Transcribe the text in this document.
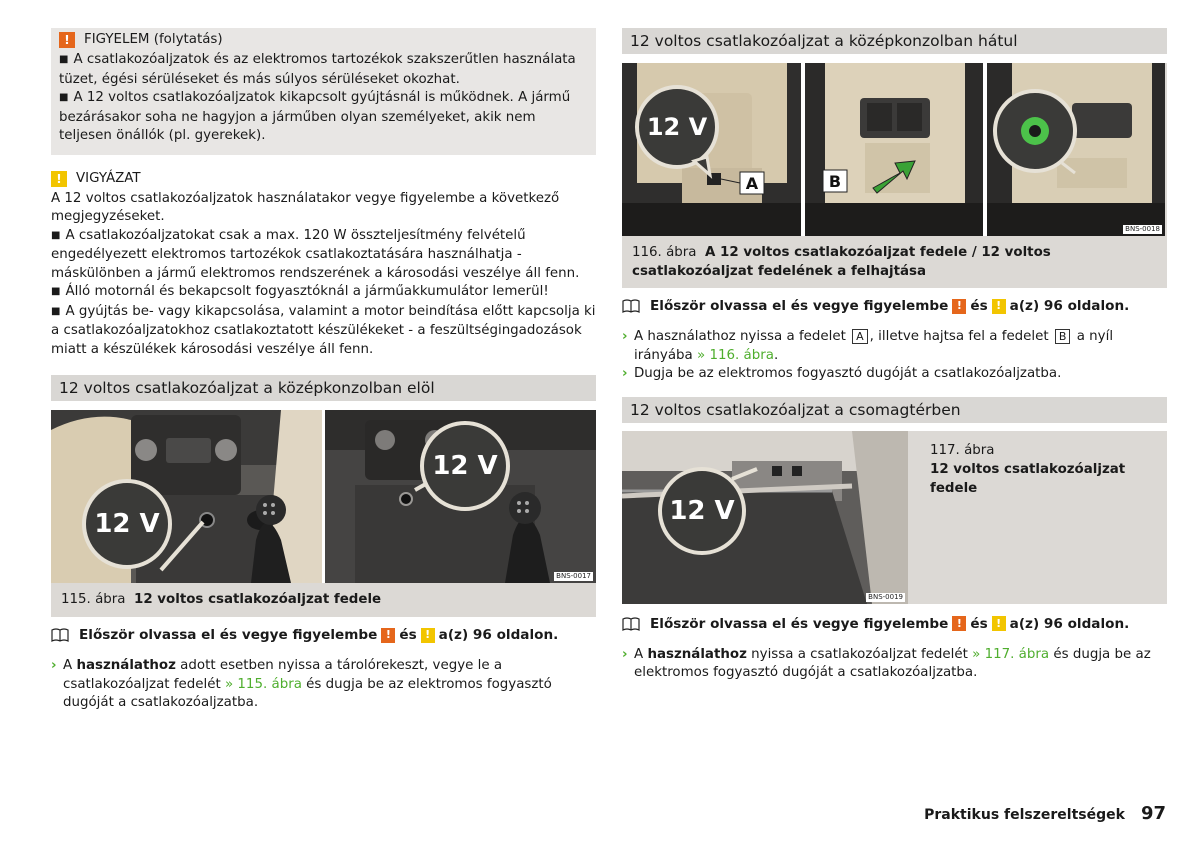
!	FIGYELEM (folytatás)
■ A csatlakozóaljzatok és az elektromos tartozékok szakszerűtlen használata tüzet, égési sérüléseket és más súlyos sérüléseket okozhat.
■ A 12 voltos csatlakozóaljzatok kikapcsolt gyújtásnál is működnek. A jármű bezárásakor soha ne hagyjon a járműben olyan személyeket, akik nem teljesen önállók (pl. gyerekek).
!	VIGYÁZAT

A 12 voltos csatlakozóaljzatok használatakor vegye figyelembe a következő megjegyzéseket.

■ A csatlakozóaljzatokat csak a max. 120 W összteljesítmény felvételű engedélyezett elektromos tartozékok csatlakoztatására használhatja - máskülönben a jármű elektromos rendszerének a károsodási veszélye áll fenn.
■ Álló motornál és bekapcsolt fogyasztóknál a járműakkumulátor lemerül!
■ A gyújtás be- vagy kikapcsolása, valamint a motor beindítása előtt kapcsolja ki a csatlakozóaljzatokhoz csatlakoztatott készülékeket - a feszültségingadozások miatt a készülékek károsodási veszélye áll fenn.
12 voltos csatlakozóaljzat a középkonzolban elöl
12 V
12 V
BNS-0017
115. ábra 12 voltos csatlakozóaljzat fedele
Először olvassa el és vegye figyelembe ! és ! a(z) 96 oldalon.
› A használathoz adott esetben nyissa a tárolórekeszt, vegye le a csatlakozóaljzat fedelét » 115. ábra és dugja be az elektromos fogyasztó dugóját a csatlakozóaljzatba.
12 voltos csatlakozóaljzat a középkonzolban hátul
A
12 V
B
BNS-0018
116. ábra A 12 voltos csatlakozóaljzat fedele / 12 voltos csatlakozóaljzat fedelének a felhajtása
Először olvassa el és vegye figyelembe ! és ! a(z) 96 oldalon.
› A használathoz nyissa a fedelet A , illetve hajtsa fel a fedelet B a nyíl irányába » 116. ábra.
› Dugja be az elektromos fogyasztó dugóját a csatlakozóaljzatba.
12 voltos csatlakozóaljzat a csomagtérben
12 V
BNS-0019
117. ábra
12 voltos csatlakozóaljzat fedele
Először olvassa el és vegye figyelembe ! és ! a(z) 96 oldalon.
› A használathoz nyissa a csatlakozóaljzat fedelét » 117. ábra és dugja be az elektromos fogyasztó dugóját a csatlakozóaljzatba.
Praktikus felszereltségek 97
